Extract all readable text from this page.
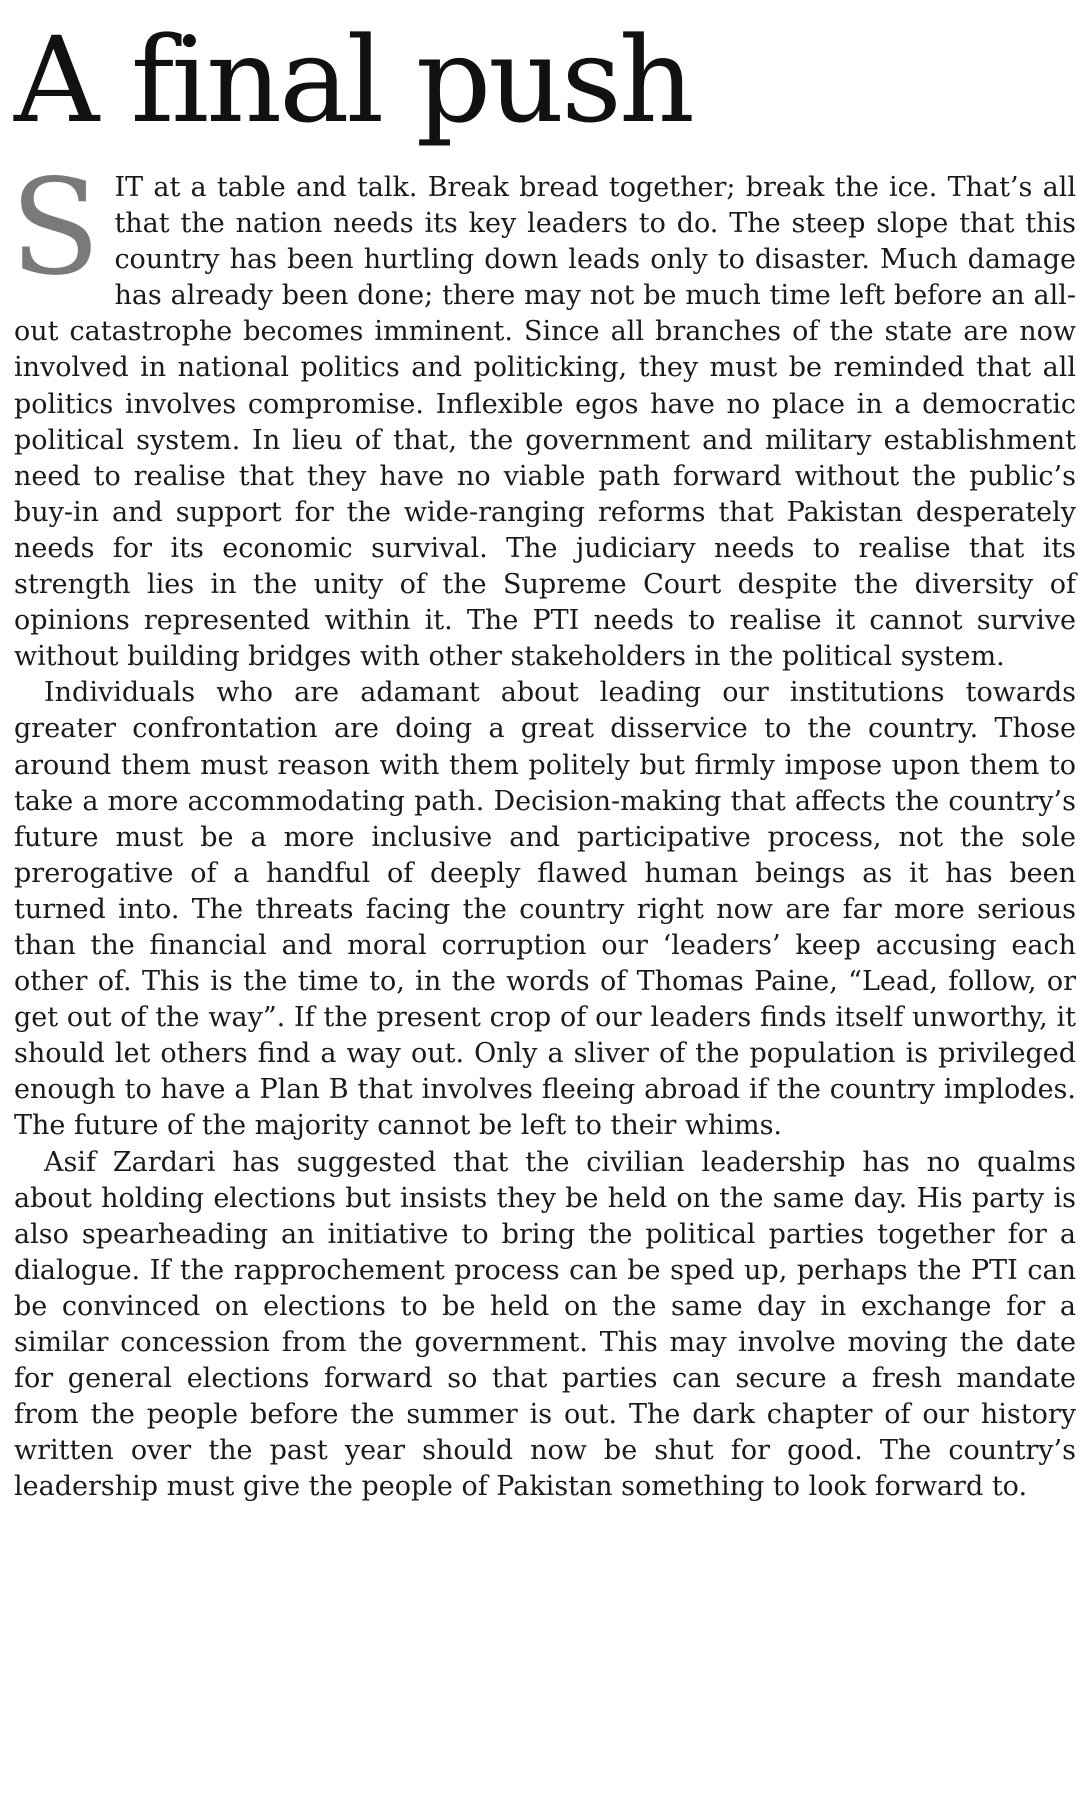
A final push

SIT at a table and talk. Break bread together; break the ice. That’s all that the nation needs its key leaders to do. The steep slope that this country has been hurtling down leads only to disaster. Much damage has already been done; there may not be much time left before an all-out catastrophe becomes imminent. Since all branches of the state are now involved in national politics and politicking, they must be reminded that all politics involves compromise. Inflexible egos have no place in a democratic political system. In lieu of that, the government and military establishment need to realise that they have no viable path forward without the public’s buy-in and support for the wide-ranging reforms that Pakistan desperately needs for its economic survival. The judiciary needs to realise that its strength lies in the unity of the Supreme Court despite the diversity of opinions represented within it. The PTI needs to realise it cannot survive without building bridges with other stakeholders in the political system.

Individuals who are adamant about leading our institutions towards greater confrontation are doing a great disservice to the country. Those around them must reason with them politely but firmly impose upon them to take a more accommodating path. Decision-making that affects the country’s future must be a more inclusive and participative process, not the sole prerogative of a handful of deeply flawed human beings as it has been turned into. The threats facing the country right now are far more serious than the financial and moral corruption our ‘leaders’ keep accusing each other of. This is the time to, in the words of Thomas Paine, “Lead, follow, or get out of the way”. If the present crop of our leaders finds itself unworthy, it should let others find a way out. Only a sliver of the population is privileged enough to have a Plan B that involves fleeing abroad if the country implodes. The future of the majority cannot be left to their whims.

Asif Zardari has suggested that the civilian leadership has no qualms about holding elections but insists they be held on the same day. His party is also spearheading an initiative to bring the political parties together for a dialogue. If the rapprochement process can be sped up, perhaps the PTI can be convinced on elections to be held on the same day in exchange for a similar concession from the government. This may involve moving the date for general elections forward so that parties can secure a fresh mandate from the people before the summer is out. The dark chapter of our history written over the past year should now be shut for good. The country’s leadership must give the people of Pakistan something to look forward to.
